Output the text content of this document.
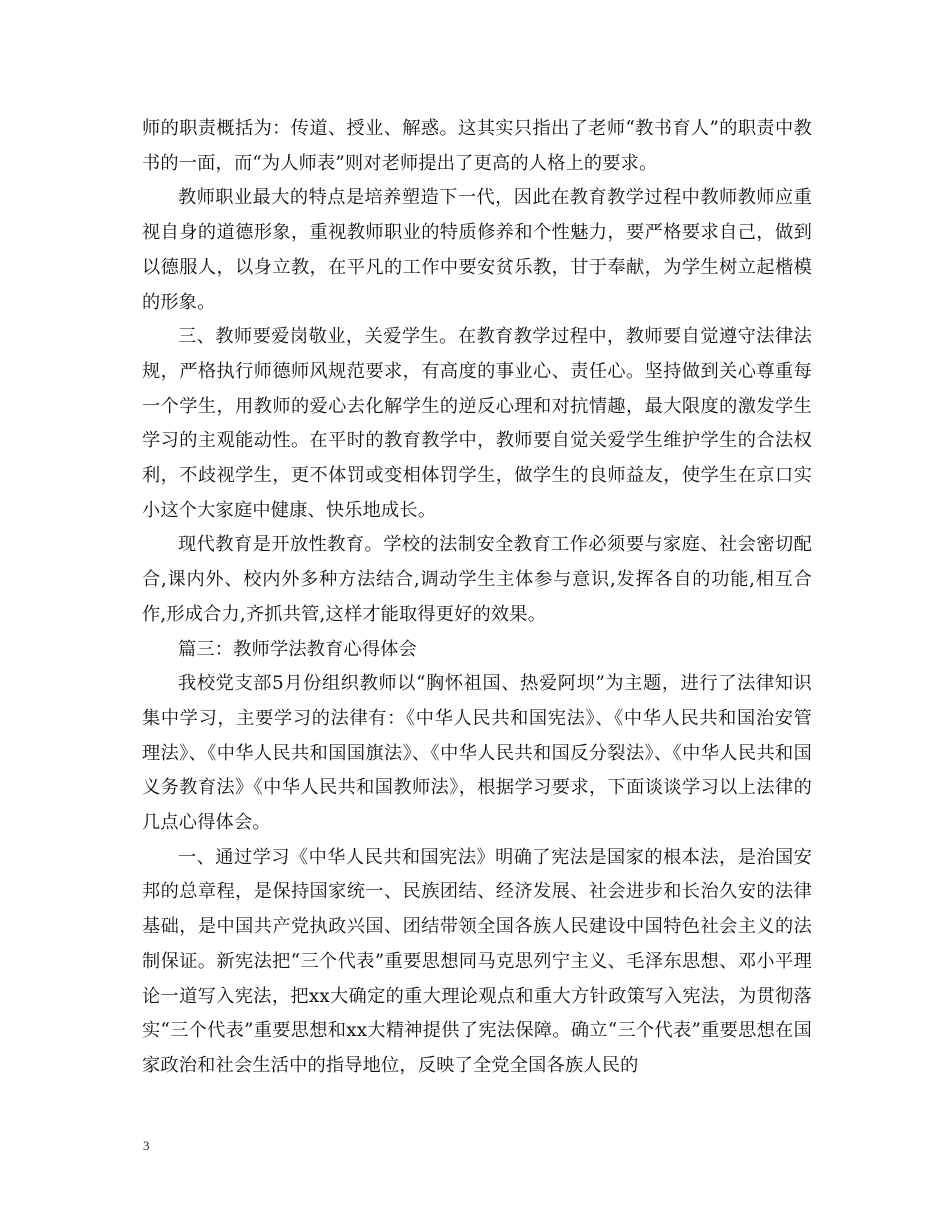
师的职责概括为：传道、授业、解惑。这其实只指出了老师“教书育人”的职责中教书的一面，而“为人师表”则对老师提出了更高的人格上的要求。

教师职业最大的特点是培养塑造下一代，因此在教育教学过程中教师教师应重视自身的道德形象，重视教师职业的特质修养和个性魅力，要严格要求自己，做到以德服人，以身立教，在平凡的工作中要安贫乐教，甘于奉献，为学生树立起楷模的形象。

三、教师要爱岗敬业，关爱学生。在教育教学过程中，教师要自觉遵守法律法规，严格执行师德师风规范要求，有高度的事业心、责任心。坚持做到关心尊重每一个学生，用教师的爱心去化解学生的逆反心理和对抗情趣，最大限度的激发学生学习的主观能动性。在平时的教育教学中，教师要自觉关爱学生维护学生的合法权利，不歧视学生，更不体罚或变相体罚学生，做学生的良师益友，使学生在京口实小这个大家庭中健康、快乐地成长。

现代教育是开放性教育。学校的法制安全教育工作必须要与家庭、社会密切配合,课内外、校内外多种方法结合,调动学生主体参与意识,发挥各自的功能,相互合作,形成合力,齐抓共管,这样才能取得更好的效果。

篇三：教师学法教育心得体会

我校党支部5月份组织教师以“胸怀祖国、热爱阿坝”为主题，进行了法律知识集中学习，主要学习的法律有：《中华人民共和国宪法》、《中华人民共和国治安管理法》、《中华人民共和国国旗法》、《中华人民共和国反分裂法》、《中华人民共和国义务教育法》《中华人民共和国教师法》，根据学习要求，下面谈谈学习以上法律的几点心得体会。

一、通过学习《中华人民共和国宪法》明确了宪法是国家的根本法，是治国安邦的总章程，是保持国家统一、民族团结、经济发展、社会进步和长治久安的法律基础，是中国共产党执政兴国、团结带领全国各族人民建设中国特色社会主义的法制保证。新宪法把“三个代表”重要思想同马克思列宁主义、毛泽东思想、邓小平理论一道写入宪法，把xx大确定的重大理论观点和重大方针政策写入宪法，为贯彻落实“三个代表”重要思想和xx大精神提供了宪法保障。确立“三个代表”重要思想在国家政治和社会生活中的指导地位，反映了全党全国各族人民的

3
